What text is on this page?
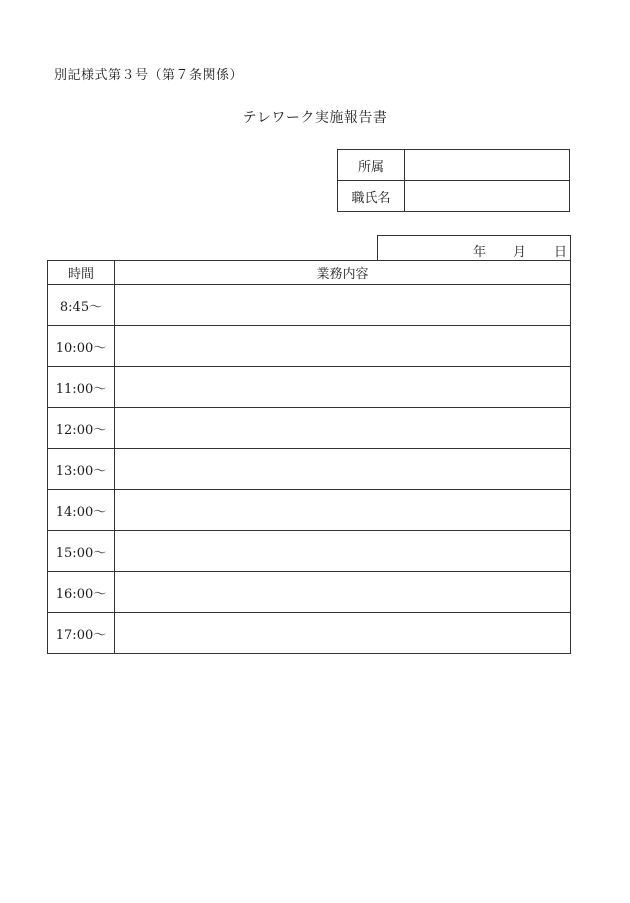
別記様式第３号（第７条関係）
テレワーク実施報告書
所属	
職氏名	
年 月 日
時間	業務内容
8:45～	
10:00～	
11:00～	
12:00～	
13:00～	
14:00～	
15:00～	
16:00～	
17:00～	
